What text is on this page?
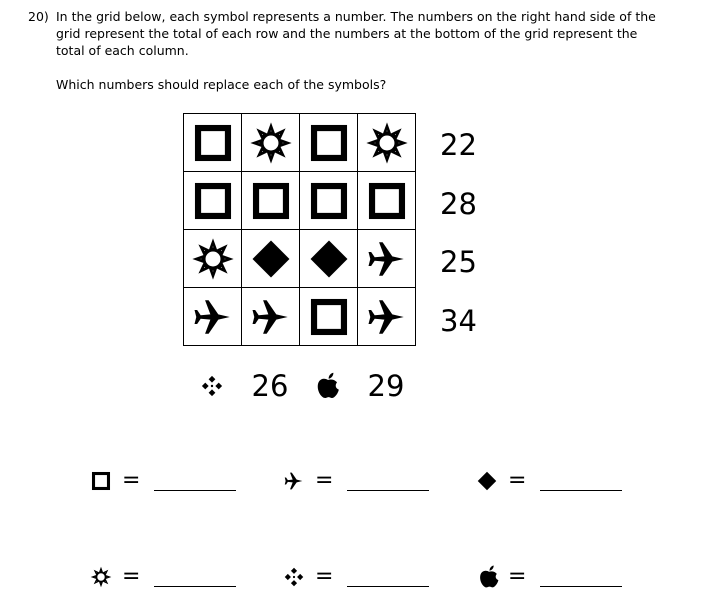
20) In the grid below, each symbol represents a number. The numbers on the right hand side of the grid represent the total of each row and the numbers at the bottom of the grid represent the total of each column.
Which numbers should replace each of the symbols?

22
28
25
34
26	29
=	=	=
=	=	=
